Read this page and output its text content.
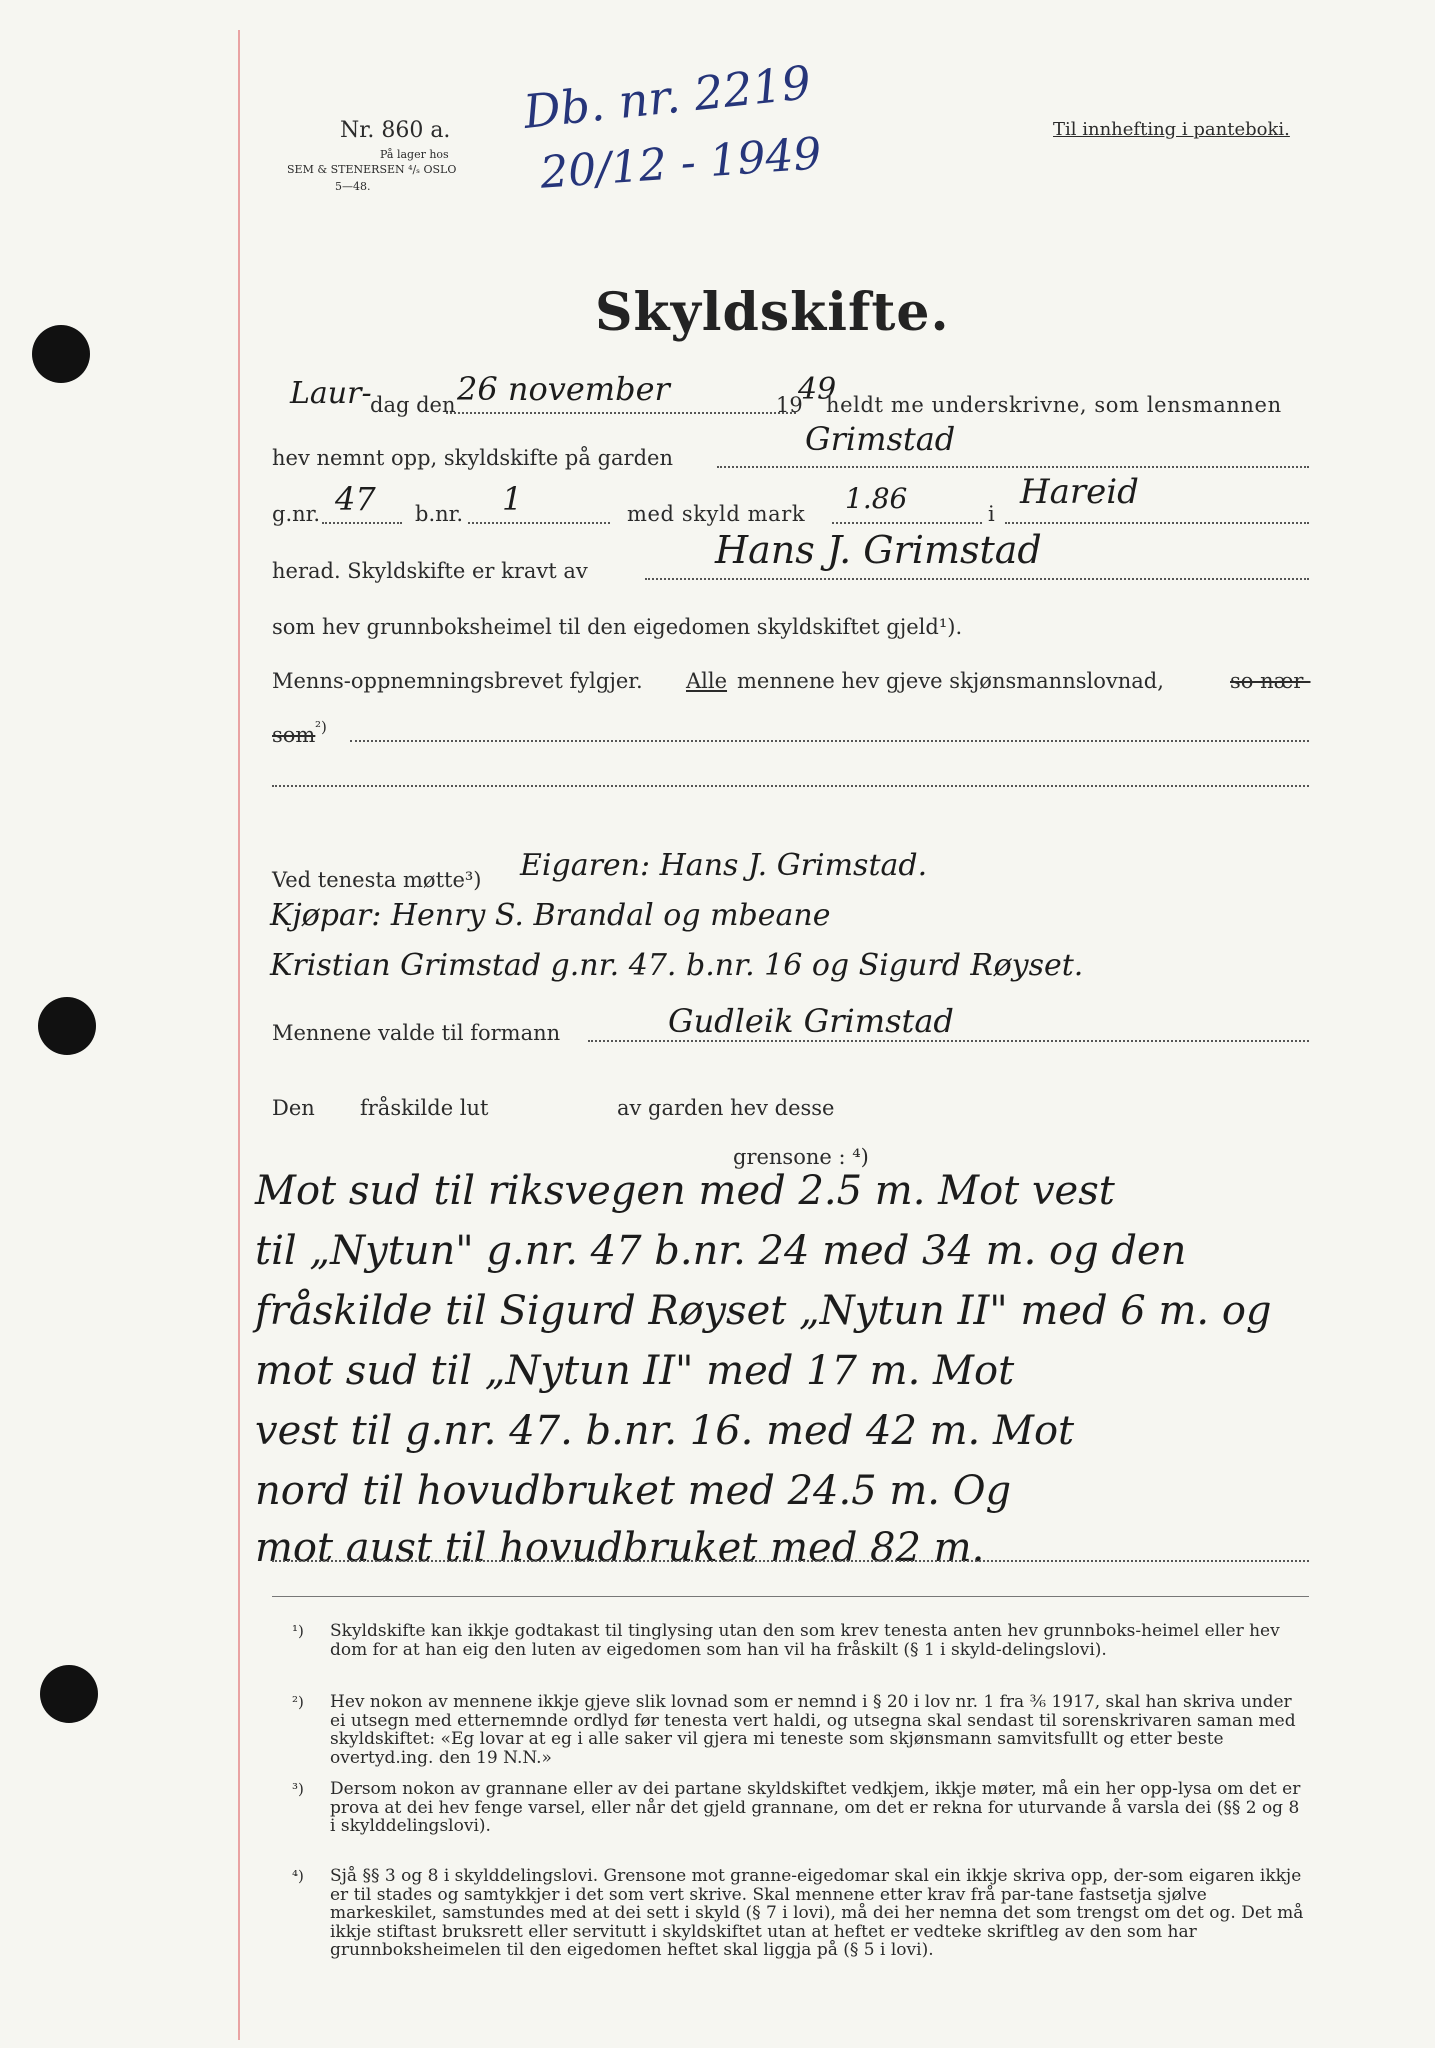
Nr. 860 a.
På lager hos
SEM & STENERSEN ⁴/ₛ OSLO
5—48.
Til innhefting i panteboki.
Db. nr. 2219
20/12 - 1949
Skyldskifte.
Laur-
dag den 26 november	19
49
heldt me underskrivne, som lensmannen
hev nemnt opp, skyldskifte på garden	Grimstad
g.nr. 47 b.nr. 1	med skyld mark 1.86	i
Hareid
herad. Skyldskifte er kravt av	Hans J. Grimstad
som hev grunnboksheimel til den eigedomen skyldskiftet gjeld¹).
Menns-oppnemningsbrevet fylgjer. Alle mennene hev gjeve skjønsmannslovnad,	so nær-
som ²)
Ved tenesta møtte³) Eigaren: Hans J. Grimstad.
Kjøpar: Henry S. Brandal og mbeane
Kristian Grimstad g.nr. 47. b.nr. 16 og Sigurd Røyset.
Mennene valde til formann	Gudleik Grimstad
Den fråskilde lut	av garden hev desse
grensone : ⁴)
Mot sud til riksvegen med 2.5 m. Mot vest
til „Nytun" g.nr. 47 b.nr. 24 med 34 m. og den
fråskilde til Sigurd Røyset „Nytun II" med 6 m. og
mot sud til „Nytun II" med 17 m. Mot
vest til g.nr. 47. b.nr. 16. med 42 m. Mot
nord til hovudbruket med 24.5 m. Og
mot aust til hovudbruket med 82 m.
¹) Skyldskifte kan ikkje godtakast til tinglysing utan den som krev tenesta anten hev grunnboks-heimel eller hev dom for at han eig den luten av eigedomen som han vil ha fråskilt (§ 1 i skyld-delingslovi).
²) Hev nokon av mennene ikkje gjeve slik lovnad som er nemnd i § 20 i lov nr. 1 fra ³⁄₆ 1917, skal han skriva under ei utsegn med etternemnde ordlyd før tenesta vert haldi, og utsegna skal sendast til sorenskrivaren saman med skyldskiftet: «Eg lovar at eg i alle saker vil gjera mi teneste som skjønsmann samvitsfullt og etter beste overtyd.ing. den 19 N.N.»
³) Dersom nokon av grannane eller av dei partane skyldskiftet vedkjem, ikkje møter, må ein her opp-lysa om det er prova at dei hev fenge varsel, eller når det gjeld grannane, om det er rekna for uturvande å varsla dei (§§ 2 og 8 i skylddelingslovi).
⁴) Sjå §§ 3 og 8 i skylddelingslovi. Grensone mot granne-eigedomar skal ein ikkje skriva opp, der-som eigaren ikkje er til stades og samtykkjer i det som vert skrive. Skal mennene etter krav frå par-tane fastsetja sjølve markeskilet, samstundes med at dei sett i skyld (§ 7 i lovi), må dei her nemna det som trengst om det og. Det må ikkje stiftast bruksrett eller servitutt i skyldskiftet utan at heftet er vedteke skriftleg av den som har grunnboksheimelen til den eigedomen heftet skal liggja på (§ 5 i lovi).
